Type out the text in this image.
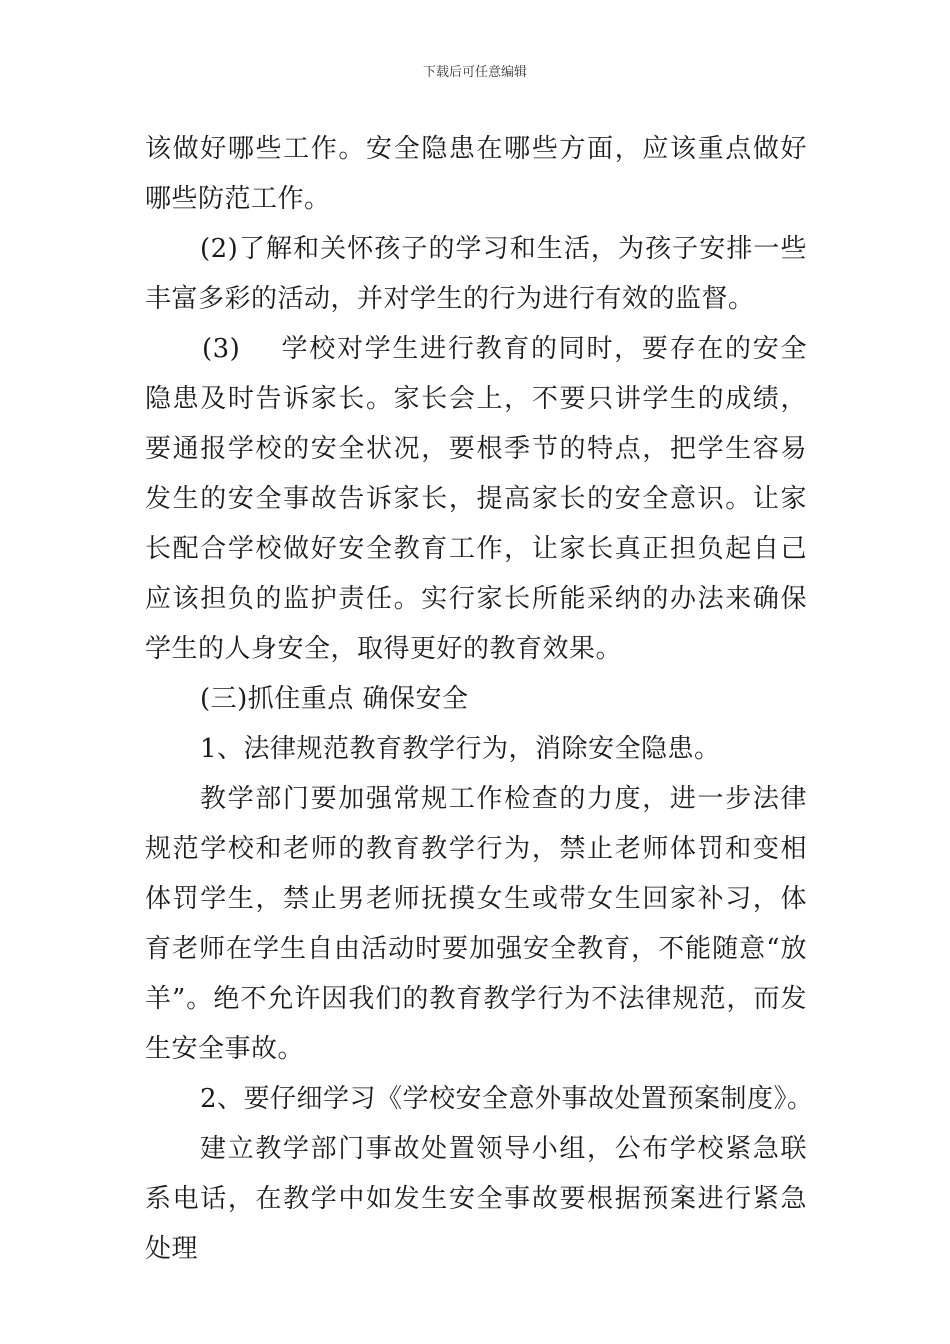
下载后可任意编辑

该做好哪些工作。安全隐患在哪些方面，应该重点做好哪些防范工作。

(2)了解和关怀孩子的学习和生活，为孩子安排一些丰富多彩的活动，并对学生的行为进行有效的监督。

(3) 学校对学生进行教育的同时，要存在的安全隐患及时告诉家长。家长会上，不要只讲学生的成绩，要通报学校的安全状况，要根季节的特点，把学生容易发生的安全事故告诉家长，提高家长的安全意识。让家长配合学校做好安全教育工作，让家长真正担负起自己应该担负的监护责任。实行家长所能采纳的办法来确保学生的人身安全，取得更好的教育效果。

(三)抓住重点 确保安全

1、法律规范教育教学行为，消除安全隐患。

教学部门要加强常规工作检查的力度，进一步法律规范学校和老师的教育教学行为，禁止老师体罚和变相体罚学生，禁止男老师抚摸女生或带女生回家补习，体育老师在学生自由活动时要加强安全教育，不能随意“放羊”。绝不允许因我们的教育教学行为不法律规范，而发生安全事故。

2、要仔细学习《学校安全意外事故处置预案制度》。

建立教学部门事故处置领导小组，公布学校紧急联系电话，在教学中如发生安全事故要根据预案进行紧急处理
